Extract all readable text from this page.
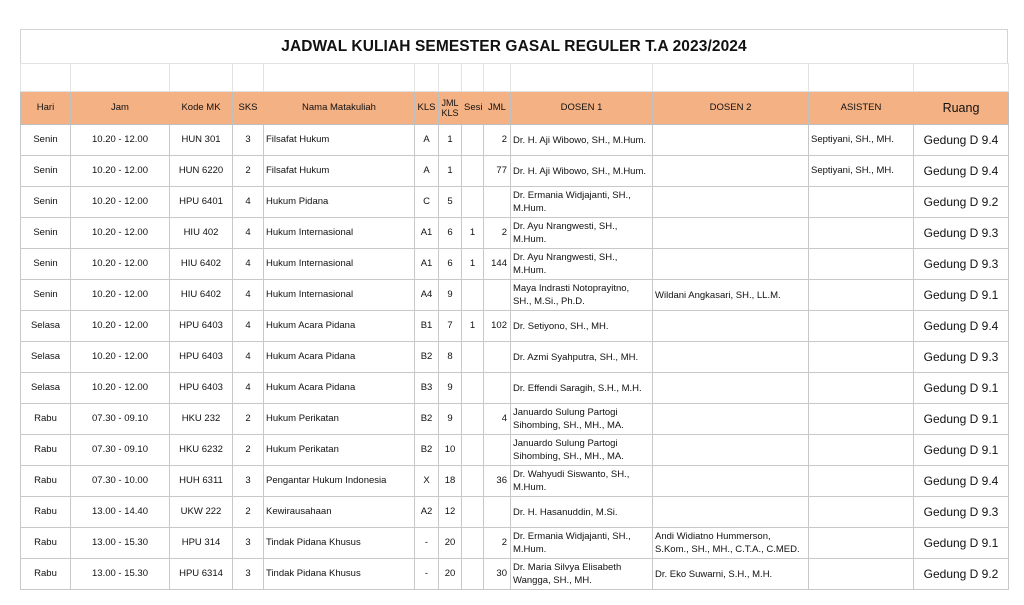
JADWAL KULIAH SEMESTER GASAL REGULER T.A 2023/2024

Hari	Jam	Kode MK	SKS	Nama Matakuliah	KLS	JML KLS	Sesi	JML	DOSEN 1	DOSEN 2	ASISTEN	Ruang
Senin	10.20 - 12.00	HUN 301	3	Filsafat Hukum	A	1		2	Dr. H. Aji Wibowo, SH., M.Hum.		Septiyani, SH., MH.	Gedung D 9.4
Senin	10.20 - 12.00	HUN 6220	2	Filsafat Hukum	A	1		77	Dr. H. Aji Wibowo, SH., M.Hum.		Septiyani, SH., MH.	Gedung D 9.4
Senin	10.20 - 12.00	HPU 6401	4	Hukum Pidana	C	5			Dr. Ermania Widjajanti, SH., M.Hum.			Gedung D 9.2
Senin	10.20 - 12.00	HIU 402	4	Hukum Internasional	A1	6	1	2	Dr. Ayu Nrangwesti, SH., M.Hum.			Gedung D 9.3
Senin	10.20 - 12.00	HIU 6402	4	Hukum Internasional	A1	6	1	144	Dr. Ayu Nrangwesti, SH., M.Hum.			Gedung D 9.3
Senin	10.20 - 12.00	HIU 6402	4	Hukum Internasional	A4	9			Maya Indrasti Notoprayitno, SH., M.Si., Ph.D.	Wildani Angkasari, SH., LL.M.		Gedung D 9.1
Selasa	10.20 - 12.00	HPU 6403	4	Hukum Acara Pidana	B1	7	1	102	Dr. Setiyono, SH., MH.			Gedung D 9.4
Selasa	10.20 - 12.00	HPU 6403	4	Hukum Acara Pidana	B2	8			Dr. Azmi Syahputra, SH., MH.			Gedung D 9.3
Selasa	10.20 - 12.00	HPU 6403	4	Hukum Acara Pidana	B3	9			Dr. Effendi Saragih, S.H., M.H.			Gedung D 9.1
Rabu	07.30 - 09.10	HKU 232	2	Hukum Perikatan	B2	9		4	Januardo Sulung Partogi Sihombing, SH., MH., MA.			Gedung D 9.1
Rabu	07.30 - 09.10	HKU 6232	2	Hukum Perikatan	B2	10			Januardo Sulung Partogi Sihombing, SH., MH., MA.			Gedung D 9.1
Rabu	07.30 - 10.00	HUH 6311	3	Pengantar Hukum Indonesia	X	18		36	Dr. Wahyudi Siswanto, SH., M.Hum.			Gedung D 9.4
Rabu	13.00 - 14.40	UKW 222	2	Kewirausahaan	A2	12			Dr. H. Hasanuddin, M.Si.			Gedung D 9.3
Rabu	13.00 - 15.30	HPU 314	3	Tindak Pidana Khusus	-	20		2	Dr. Ermania Widjajanti, SH., M.Hum.	Andi Widiatno Hummerson, S.Kom., SH., MH., C.T.A., C.MED.		Gedung D 9.1
Rabu	13.00 - 15.30	HPU 6314	3	Tindak Pidana Khusus	-	20		30	Dr. Maria Silvya Elisabeth Wangga, SH., MH.	Dr. Eko Suwarni, S.H., M.H.		Gedung D 9.2
